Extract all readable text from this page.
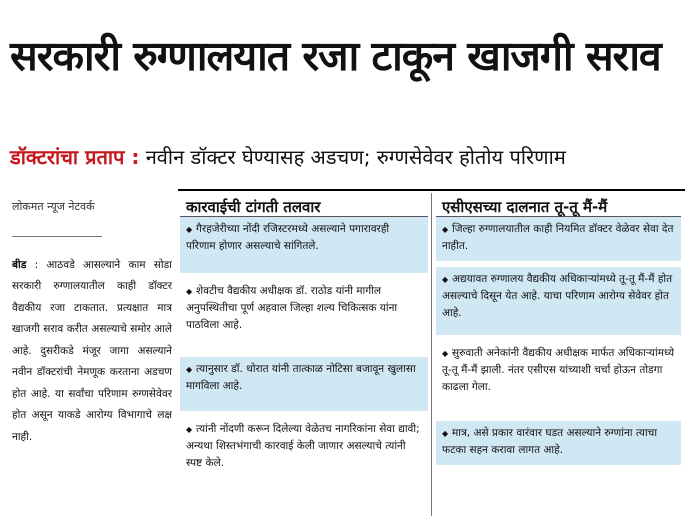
सरकारी रुग्णालयात रजा टाकून खाजगी सराव
डॉक्टरांचा प्रताप : नवीन डॉक्टर घेण्यासह अडचण; रुग्णसेवेवर होतोय परिणाम
लोकमत न्यूज नेटवर्क
बीड : आठवडे आसल्याने काम सोडा सरकारी रुग्णालयातील काही डॉक्टर वैद्यकीय रजा टाकतात. प्रत्यक्षात मात्र खाजगी सराव करीत असल्याचे समोर आले आहे. दुसरीकडे मंजूर जागा असल्याने नवीन डॉक्टरांची नेमणूक करताना अडचण होत आहे. या सर्वांचा परिणाम रुग्णसेवेवर होत असून याकडे आरोग्य विभागाचे लक्ष नाही.
कारवाईची टांगती तलवार
◆ गैरहजेरीच्या नोंदी रजिस्टरमध्ये असल्याने पगारावरही परिणाम होणार असल्याचे सांगितले.
◆ शेवटीच वैद्यकीय अधीक्षक डॉ. राठोड यांनी मागील अनुपस्थितीचा पूर्ण अहवाल जिल्हा शल्य चिकित्सक यांना पाठविला आहे.
◆ त्यानुसार डॉ. थोरात यांनी तात्काळ नोटिसा बजावून खुलासा मागविला आहे.
◆ त्यांनी नोंदणी करून दिलेल्या वेळेतच नागरिकांना सेवा द्यावी; अन्यथा शिस्तभंगाची कारवाई केली जाणार असल्याचे त्यांनी स्पष्ट केले.
एसीएसच्या दालनात तू-तू मैं-मैं
◆ जिल्हा रुग्णालयातील काही नियमित डॉक्टर वेळेवर सेवा देत नाहीत.
◆ अद्ययावत रुग्णालय वैद्यकीय अधिकाऱ्यांमध्ये तू-तू मैं-मैं होत असल्याचे दिसून येत आहे. याचा परिणाम आरोग्य सेवेवर होत आहे.
◆ सुरुवाती अनेकांनी वैद्यकीय अधीक्षक मार्फत अधिकाऱ्यांमध्ये तू-तू मैं-मैं झाली. नंतर एसीएस यांच्याशी चर्चा होऊन तोडगा काढला गेला.
◆ मात्र, असे प्रकार वारंवार घडत असल्याने रुग्णांना त्याचा फटका सहन करावा लागत आहे.
